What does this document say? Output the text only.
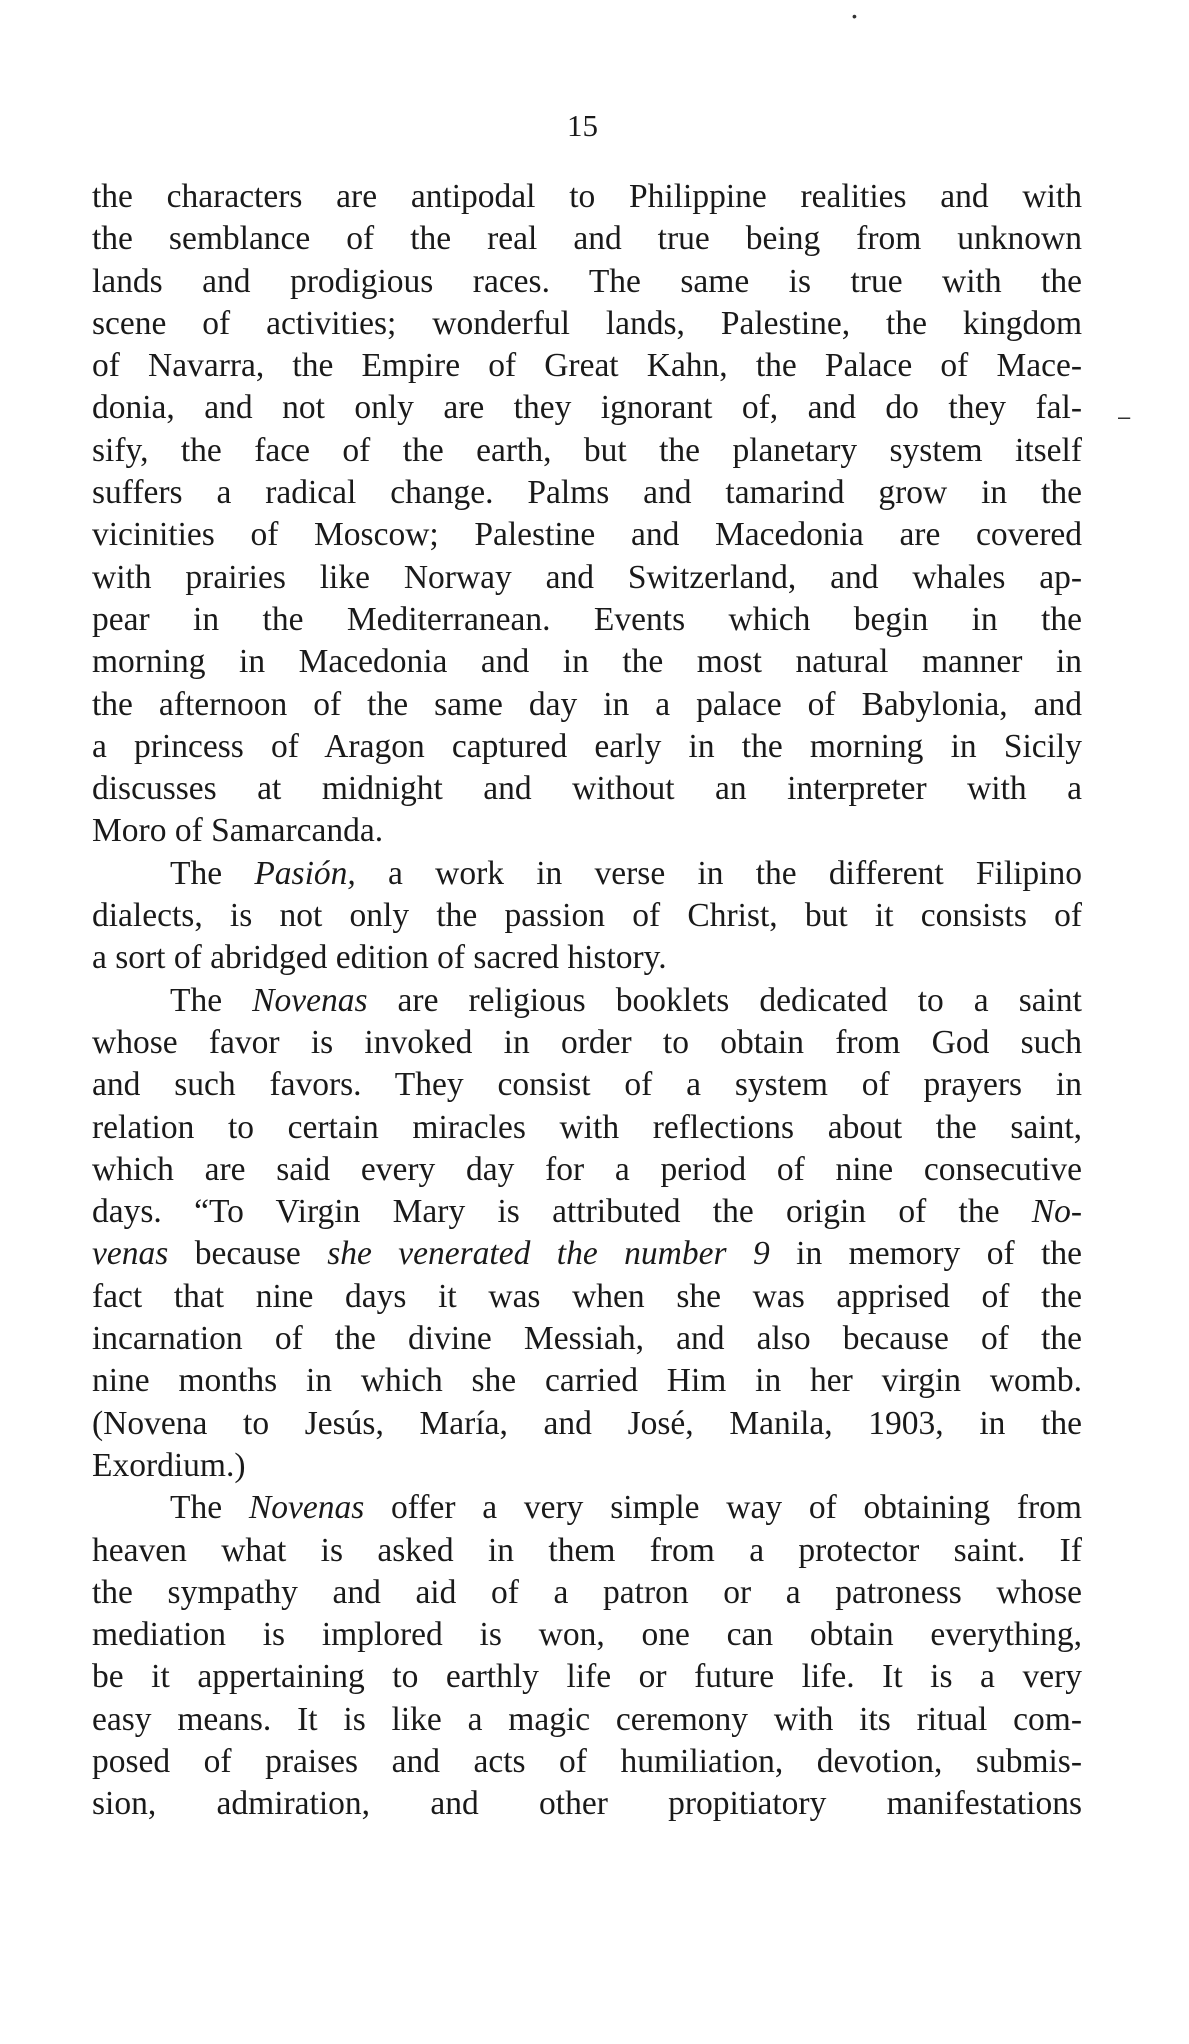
15
–
•
the characters are antipodal to Philippine realities and with
the semblance of the real and true being from unknown
lands and prodigious races. The same is true with the
scene of activities; wonderful lands, Palestine, the kingdom
of Navarra, the Empire of Great Kahn, the Palace of Mace-
donia, and not only are they ignorant of, and do they fal-
sify, the face of the earth, but the planetary system itself
suffers a radical change. Palms and tamarind grow in the
vicinities of Moscow; Palestine and Macedonia are covered
with prairies like Norway and Switzerland, and whales ap-
pear in the Mediterranean. Events which begin in the
morning in Macedonia and in the most natural manner in
the afternoon of the same day in a palace of Babylonia, and
a princess of Aragon captured early in the morning in Sicily
discusses at midnight and without an interpreter with a
Moro of Samarcanda.
The Pasión, a work in verse in the different Filipino
dialects, is not only the passion of Christ, but it consists of
a sort of abridged edition of sacred history.
The Novenas are religious booklets dedicated to a saint
whose favor is invoked in order to obtain from God such
and such favors. They consist of a system of prayers in
relation to certain miracles with reflections about the saint,
which are said every day for a period of nine consecutive
days. “To Virgin Mary is attributed the origin of the No-
venas because she venerated the number 9 in memory of the
fact that nine days it was when she was apprised of the
incarnation of the divine Messiah, and also because of the
nine months in which she carried Him in her virgin womb.
(Novena to Jesús, María, and José, Manila, 1903, in the
Exordium.)
The Novenas offer a very simple way of obtaining from
heaven what is asked in them from a protector saint. If
the sympathy and aid of a patron or a patroness whose
mediation is implored is won, one can obtain everything,
be it appertaining to earthly life or future life. It is a very
easy means. It is like a magic ceremony with its ritual com-
posed of praises and acts of humiliation, devotion, submis-
sion, admiration, and other propitiatory manifestations
